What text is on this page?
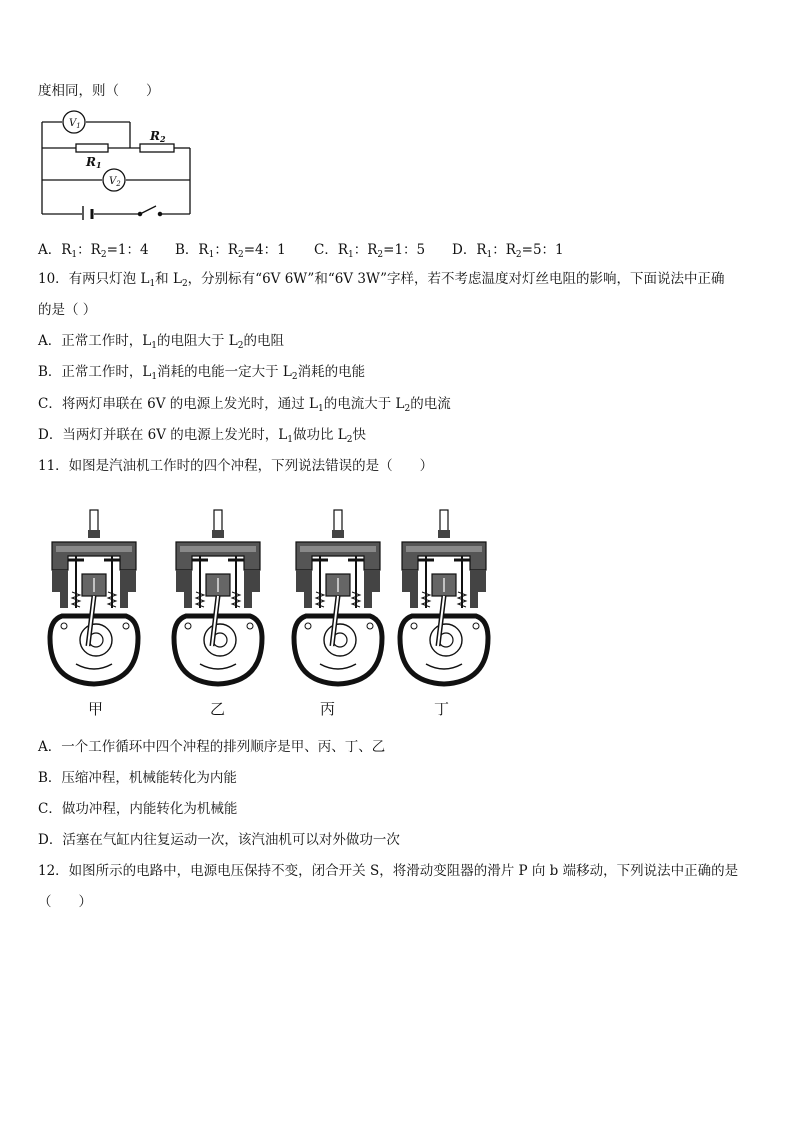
度相同，则（　　）
$V_1$
$V_2$
R1
R2
A．$R_1$：$R_2=1$：4 B．$R_1$：$R_2=4$：1 C．$R_1$：$R_2=1$：5 D．$R_1$：$R_2=5$：1
10．有两只灯泡 $L_1$和 $L_2$，分别标有“6V 6W”和“6V 3W”字样，若不考虑温度对灯丝电阻的影响，下面说法中正确
的是（ ）
A．正常工作时，$L_1$的电阻大于 $L_2$的电阻
B．正常工作时，$L_1$消耗的电能一定大于 $L_2$消耗的电能
C．将两灯串联在 6V 的电源上发光时，通过 $L_1$的电流大于 $L_2$的电流
D．当两灯并联在 6V 的电源上发光时，$L_1$做功比 $L_2$快
11．如图是汽油机工作时的四个冲程，下列说法错误的是（　　）
甲	乙	丙	丁
A．一个工作循环中四个冲程的排列顺序是甲、丙、丁、乙
B．压缩冲程，机械能转化为内能
C．做功冲程，内能转化为机械能
D．活塞在气缸内往复运动一次，该汽油机可以对外做功一次
12．如图所示的电路中，电源电压保持不变，闭合开关 S，将滑动变阻器的滑片 P 向 b 端移动，下列说法中正确的是
（　　）
